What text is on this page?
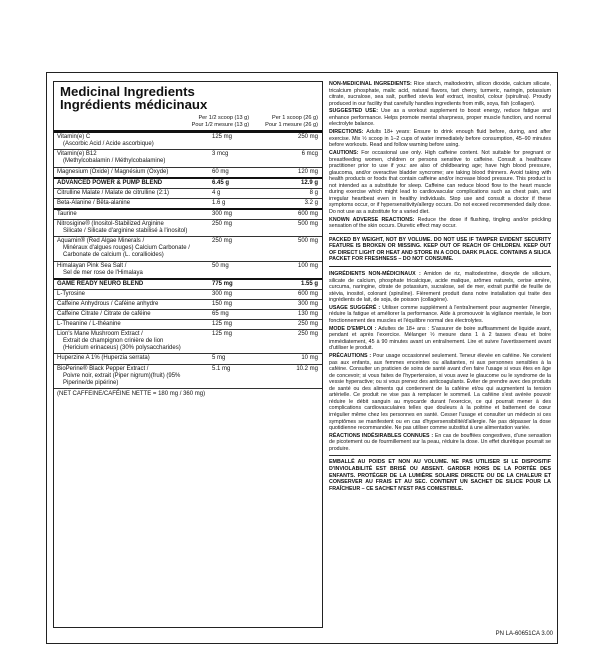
Medicinal Ingredients
Ingrédients médicinaux
Per 1/2 scoop (13 g)
Pour 1/2 mesure (13 g)
Per 1 scoop (26 g)
Pour 1 mesure (26 g)
Vitamin(e) C
(Ascorbic Acid / Acide ascorbique)
125 mg	250 mg
Vitamin(e) B12
(Methylcobalamin / Méthylcobalamine)
3 mcg	6 mcg
Magnesium (Oxide) / Magnésium (Oxyde)	60 mg	120 mg
ADVANCED POWER & PUMP BLEND	6.45 g	12.9 g
Citrulline Malate / Malate de citrulline (2:1)	4 g	8 g
Beta-Alanine / Bêta-alanine	1.6 g	3.2 g
Taurine	300 mg	600 mg
Nitrosigine® (Inositol-Stabilized Arginine
Silicate / Silicate d'arginine stabilisé à l'inositol)
250 mg	500 mg
Aquamin® (Red Algae Minerals /
Minéraux d'algues rouges) Calcium Carbonate /
Carbonate de calcium (L. corallioides)
250 mg	500 mg
Himalayan Pink Sea Salt /
Sel de mer rose de l'Himalaya
50 mg	100 mg
GAME READY NEURO BLEND	775 mg	1.55 g
L-Tyrosine	300 mg	600 mg
Caffeine Anhydrous / Caféine anhydre	150 mg	300 mg
Caffeine Citrate / Citrate de caféine	65 mg	130 mg
L-Theanine / L-théanine	125 mg	250 mg
Lion's Mane Mushroom Extract /
Extrait de champignon crinière de lion
(Hericium erinaceus) (30% polysaccharides)
125 mg	250 mg
Huperzine A 1% (Huperzia serrata)	5 mg	10 mg
BioPerine® Black Pepper Extract /
Poivre noir, extrait (Piper nigrum)(fruit) (95% Piperine/de pipérine)
5.1 mg	10.2 mg
(NET CAFFEINE/CAFÉINE NETTE = 180 mg / 360 mg)

NON-MEDICINAL INGREDIENTS: Rice starch, maltodextrin, silicon dioxide, calcium silicate, tricalcium phosphate, malic acid, natural flavors, tart cherry, turmeric, naringin, potassium citrate, sucralose, sea salt, purified stevia leaf extract, inositol, colour (spirulina). Proudly produced in our facility that carefully handles ingredients from milk, soya, fish (collagen).

SUGGESTED USE: Use as a workout supplement to boost energy, reduce fatigue and enhance performance. Helps promote mental sharpness, proper muscle function, and normal electrolyte balance.

DIRECTIONS: Adults 18+ years: Ensure to drink enough fluid before, during, and after exercise. Mix ½ scoop in 1–2 cups of water immediately before consumption, 45–90 minutes before workouts. Read and follow warning before using.

CAUTIONS: For occasional use only. High caffeine content. Not suitable for pregnant or breastfeeding women, children or persons sensitive to caffeine. Consult a healthcare practitioner prior to use if you: are also of childbearing age; have high blood pressure, glaucoma, and/or overactive bladder syncrome; are taking blood thinners. Avoid taking with health products or foods that contain caffeine and/or increase blood pressure. This product is not intended as a substitute for sleep. Caffeine can reduce blood flow to the heart muscle during exercise which might lead to cardiovascular complications such as chest pain, and irregular heartbeat even in healthy individuals. Stop use and consult a doctor if these symptoms occur, or if hypersensitivity/allergy occurs. Do not exceed recommended daily dose. Do not use as a substitute for a varied diet.

KNOWN ADVERSE REACTIONS: Reduce the dose if flushing, tingling and/or prickling sensation of the skin occurs. Diuretic effect may occur.

PACKED BY WEIGHT, NOT BY VOLUME. DO NOT USE IF TAMPER EVIDENT SECURITY FEATURE IS BROKEN OR MISSING. KEEP OUT OF REACH OF CHILDREN. KEEP OUT OF DIRECT LIGHT OR HEAT AND STORE IN A COOL DARK PLACE. CONTAINS A SILICA PACKET FOR FRESHNESS – DO NOT CONSUME.

INGRÉDIENTS NON-MÉDICINAUX : Amidon de riz, maltodextrine, dioxyde de silicium, silicate de calcium, phosphate tricalcique, acide malique, arômes naturels, cerise amère, curcuma, naringine, citrate de potassium, sucralose, sel de mer, extrait purifié de feuille de stévia, inositol, colorant (spiruline). Fièrement produit dans notre installation qui traite des ingrédients de lait, de soja, de poisson (collagène).

USAGE SUGGÉRÉ : Utiliser comme supplément à l'entraînement pour augmenter l'énergie, réduire la fatigue et améliorer la performance. Aide à promouvoir la vigilance mentale, le bon fonctionnement des muscles et l'équilibre normal des électrolytes.

MODE D'EMPLOI : Adultes de 18+ ans : S'assurer de boire suffisamment de liquide avant, pendant et après l'exercice. Mélanger ½ mesure dans 1 à 2 tasses d'eau et boire immédiatement, 45 à 90 minutes avant un entraînement. Lire et suivre l'avertissement avant d'utiliser le produit.

PRÉCAUTIONS : Pour usage occasionnel seulement. Teneur élevée en caféine. Ne convient pas aux enfants, aux femmes enceintes ou allaitantes, ni aux personnes sensibles à la caféine. Consulter un praticien de soins de santé avant d'en faire l'usage si vous êtes en âge de concevoir; si vous faites de l'hypertension, si vous avez le glaucome ou le syndrome de la vessie hyperactive; ou si vous prenez des anticoagulants. Éviter de prendre avec des produits de santé ou des aliments qui contiennent de la caféine et/ou qui augmentent la tension artérielle. Ce produit ne vise pas à remplacer le sommeil. La caféine s'est avérée pouvoir réduire le débit sanguin au myocarde durant l'exercice, ce qui pourrait mener à des complications cardiovasculaires telles que douleurs à la poitrine et battement de cœur irrégulier même chez les personnes en santé. Cesser l'usage et consulter un médecin si ces symptômes se manifestent ou en cas d'hypersensibilité/d'allergie. Ne pas dépasser la dose quotidienne recommandée. Ne pas utiliser comme substitut à une alimentation variée.

RÉACTIONS INDÉSIRABLES CONNUES : En cas de bouffées congestives, d'une sensation de picotement ou de fourmillement sur la peau, réduire la dose. Un effet diurétique pourrait se produire.

EMBALLÉ AU POIDS ET NON AU VOLUME. NE PAS UTILISER SI LE DISPOSITIF D'INVIOLABILITÉ EST BRISÉ OU ABSENT. GARDER HORS DE LA PORTÉE DES ENFANTS. PROTÉGER DE LA LUMIÈRE SOLAIRE DIRECTE OU DE LA CHALEUR ET CONSERVER AU FRAIS ET AU SEC. CONTIENT UN SACHET DE SILICE POUR LA FRAÎCHEUR – CE SACHET N'EST PAS COMESTIBLE.

PN LA-60651CA 3.00
